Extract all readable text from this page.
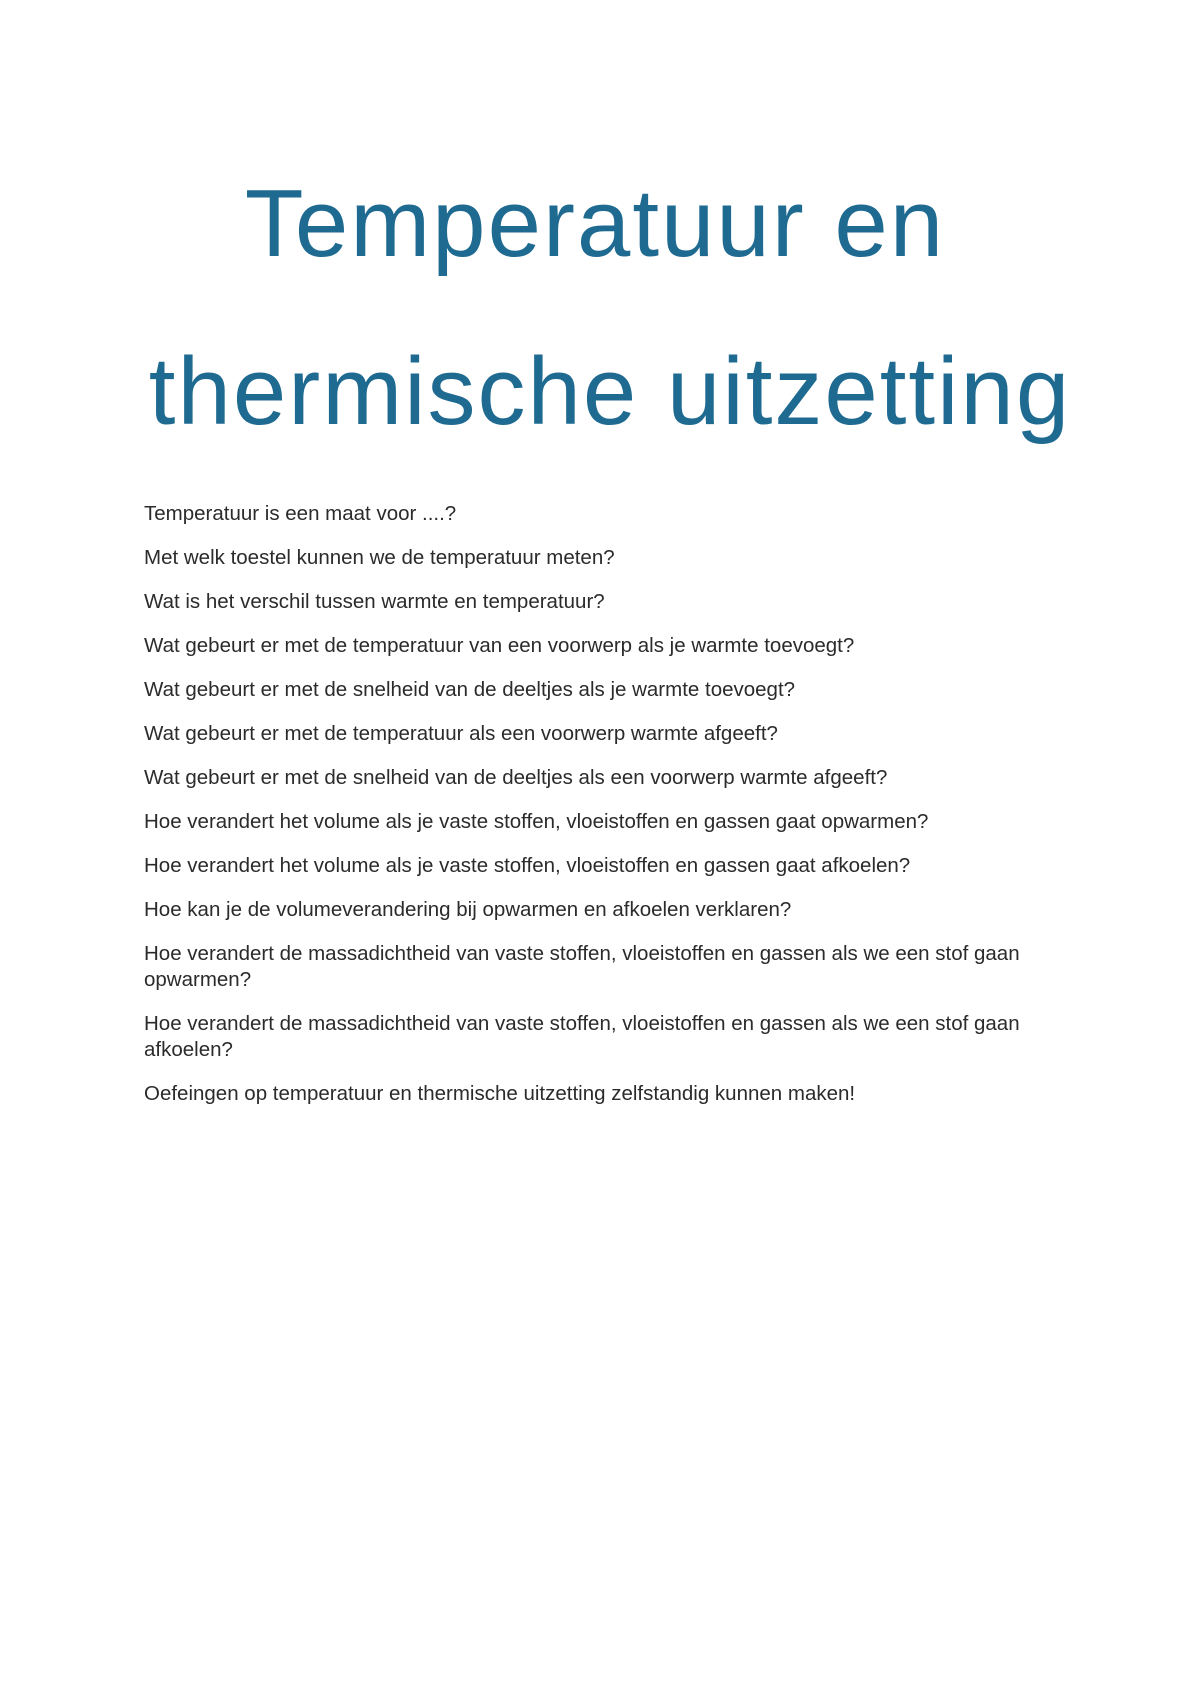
Temperatuur en
thermische uitzetting
Temperatuur is een maat voor ....?
Met welk toestel kunnen we de temperatuur meten?
Wat is het verschil tussen warmte en temperatuur?
Wat gebeurt er met de temperatuur van een voorwerp als je warmte toevoegt?
Wat gebeurt er met de snelheid van de deeltjes als je warmte toevoegt?
Wat gebeurt er met de temperatuur als een voorwerp warmte afgeeft?
Wat gebeurt er met de snelheid van de deeltjes als een voorwerp warmte afgeeft?
Hoe verandert het volume als je vaste stoffen, vloeistoffen en gassen gaat opwarmen?
Hoe verandert het volume als je vaste stoffen, vloeistoffen en gassen gaat afkoelen?
Hoe kan je de volumeverandering bij opwarmen en afkoelen verklaren?
Hoe verandert de massadichtheid van vaste stoffen, vloeistoffen en gassen als we een stof gaan opwarmen?
Hoe verandert de massadichtheid van vaste stoffen, vloeistoffen en gassen als we een stof gaan afkoelen?
Oefeingen op temperatuur en thermische uitzetting zelfstandig kunnen maken!
